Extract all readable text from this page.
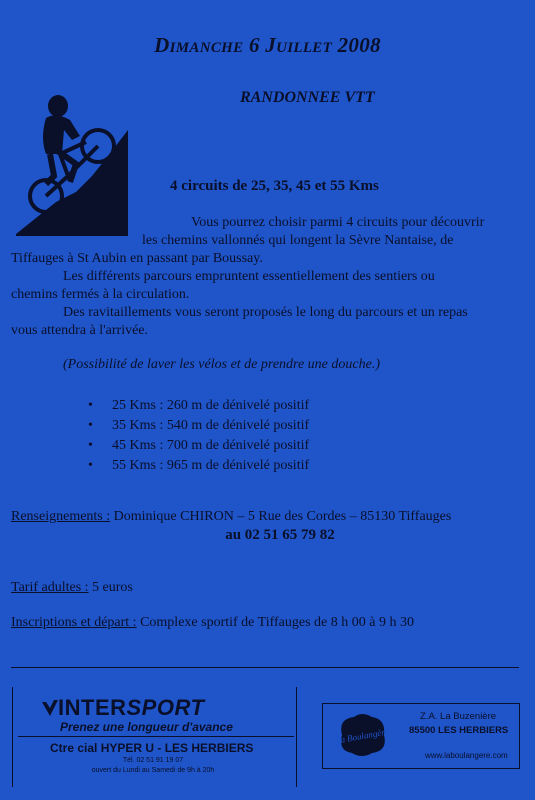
Dimanche 6 Juillet 2008
RANDONNEE VTT
4 circuits de 25, 35, 45 et 55 Kms
Vous pourrez choisir parmi 4 circuits pour découvrir
les chemins vallonnés qui longent la Sèvre Nantaise, de
Tiffauges à St Aubin en passant par Boussay.
Les différents parcours empruntent essentiellement des sentiers ou
chemins fermés à la circulation.
Des ravitaillements vous seront proposés le long du parcours et un repas
vous attendra à l'arrivée.
(Possibilité de laver les vélos et de prendre une douche.)
• 25 Kms : 260 m de dénivelé positif
• 35 Kms : 540 m de dénivelé positif
• 45 Kms : 700 m de dénivelé positif
• 55 Kms : 965 m de dénivelé positif
Renseignements : Dominique CHIRON – 5 Rue des Cordes – 85130 Tiffauges
au 02 51 65 79 82
Tarif adultes : 5 euros
Inscriptions et départ : Complexe sportif de Tiffauges de 8 h 00 à 9 h 30
INTERSPORT
Prenez une longueur d'avance
Ctre cial HYPER U - LES HERBIERS
Tél. 02 51 91 19 07
ouvert du Lundi au Samedi de 9h à 20h
La Boulangère
Z.A. La Buzenière
85500 LES HERBIERS
www.laboulangere.com
